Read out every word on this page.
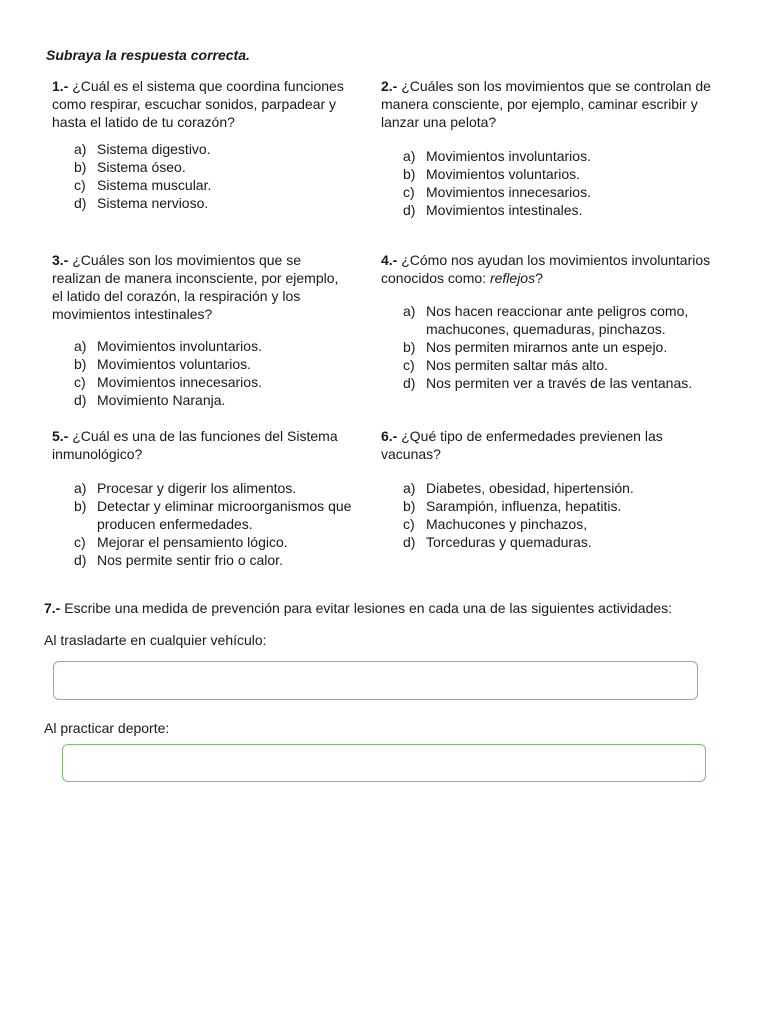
Subraya la respuesta correcta.

1.- ¿Cuál es el sistema que coordina funciones como respirar, escuchar sonidos, parpadear y hasta el latido de tu corazón?

a) Sistema digestivo.
b) Sistema óseo.
c) Sistema muscular.
d) Sistema nervioso.

2.- ¿Cuáles son los movimientos que se controlan de manera consciente, por ejemplo, caminar escribir y lanzar una pelota?

a) Movimientos involuntarios.
b) Movimientos voluntarios.
c) Movimientos innecesarios.
d) Movimientos intestinales.

3.- ¿Cuáles son los movimientos que se realizan de manera inconsciente, por ejemplo, el latido del corazón, la respiración y los movimientos intestinales?

a) Movimientos involuntarios.
b) Movimientos voluntarios.
c) Movimientos innecesarios.
d) Movimiento Naranja.

4.- ¿Cómo nos ayudan los movimientos involuntarios conocidos como: reflejos?

a) Nos hacen reaccionar ante peligros como, machucones, quemaduras, pinchazos.
b) Nos permiten mirarnos ante un espejo.
c) Nos permiten saltar más alto.
d) Nos permiten ver a través de las ventanas.

5.- ¿Cuál es una de las funciones del Sistema inmunológico?

a) Procesar y digerir los alimentos.
b) Detectar y eliminar microorganismos que producen enfermedades.
c) Mejorar el pensamiento lógico.
d) Nos permite sentir frio o calor.

6.- ¿Qué tipo de enfermedades previenen las vacunas?

a) Diabetes, obesidad, hipertensión.
b) Sarampión, influenza, hepatitis.
c) Machucones y pinchazos,
d) Torceduras y quemaduras.
7.- Escribe una medida de prevención para evitar lesiones en cada una de las siguientes actividades:
Al trasladarte en cualquier vehículo:
Al practicar deporte:
